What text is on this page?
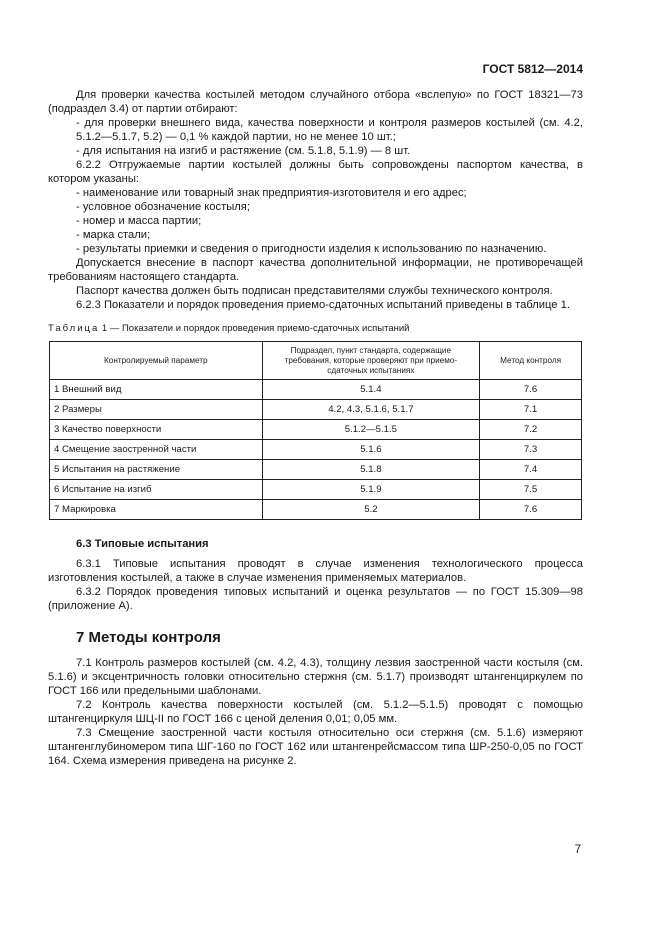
ГОСТ 5812—2014

Для проверки качества костылей методом случайного отбора «вслепую» по ГОСТ 18321—73 (подраздел 3.4) от партии отбирают:

- для проверки внешнего вида, качества поверхности и контроля размеров костылей (см. 4.2, 5.1.2—5.1.7, 5.2) — 0,1 % каждой партии, но не менее 10 шт.;

- для испытания на изгиб и растяжение (см. 5.1.8, 5.1.9) — 8 шт.

6.2.2 Отгружаемые партии костылей должны быть сопровождены паспортом качества, в котором указаны:

- наименование или товарный знак предприятия-изготовителя и его адрес;

- условное обозначение костыля;

- номер и масса партии;

- марка стали;

- результаты приемки и сведения о пригодности изделия к использованию по назначению.

Допускается внесение в паспорт качества дополнительной информации, не противоречащей требованиям настоящего стандарта.

Паспорт качества должен быть подписан представителями службы технического контроля.

6.2.3 Показатели и порядок проведения приемо-сдаточных испытаний приведены в таблице 1.

Таблица 1 — Показатели и порядок проведения приемо-сдаточных испытаний
Контролируемый параметр	Подраздел, пункт стандарта, содержащие требования, которые проверяют при приемо-сдаточных испытаниях	Метод контроля
1 Внешний вид	5.1.4	7.6
2 Размеры	4.2, 4.3, 5.1.6, 5.1.7	7.1
3 Качество поверхности	5.1.2—5.1.5	7.2
4 Смещение заостренной части	5.1.6	7.3
5 Испытания на растяжение	5.1.8	7.4
6 Испытание на изгиб	5.1.9	7.5
7 Маркировка	5.2	7.6
6.3 Типовые испытания

6.3.1 Типовые испытания проводят в случае изменения технологического процесса изготовления костылей, а также в случае изменения применяемых материалов.

6.3.2 Порядок проведения типовых испытаний и оценка результатов — по ГОСТ 15.309—98 (приложение А).

7 Методы контроля

7.1 Контроль размеров костылей (см. 4.2, 4.3), толщину лезвия заостренной части костыля (см. 5.1.6) и эксцентричность головки относительно стержня (см. 5.1.7) производят штангенциркулем по ГОСТ 166 или предельными шаблонами.

7.2 Контроль качества поверхности костылей (см. 5.1.2—5.1.5) проводят с помощью штангенциркуля ШЦ-II по ГОСТ 166 с ценой деления 0,01; 0,05 мм.

7.3 Смещение заостренной части костыля относительно оси стержня (см. 5.1.6) измеряют штангенглубиномером типа ШГ-160 по ГОСТ 162 или штангенрейсмассом типа ШР-250-0,05 по ГОСТ 164. Схема измерения приведена на рисунке 2.

7
